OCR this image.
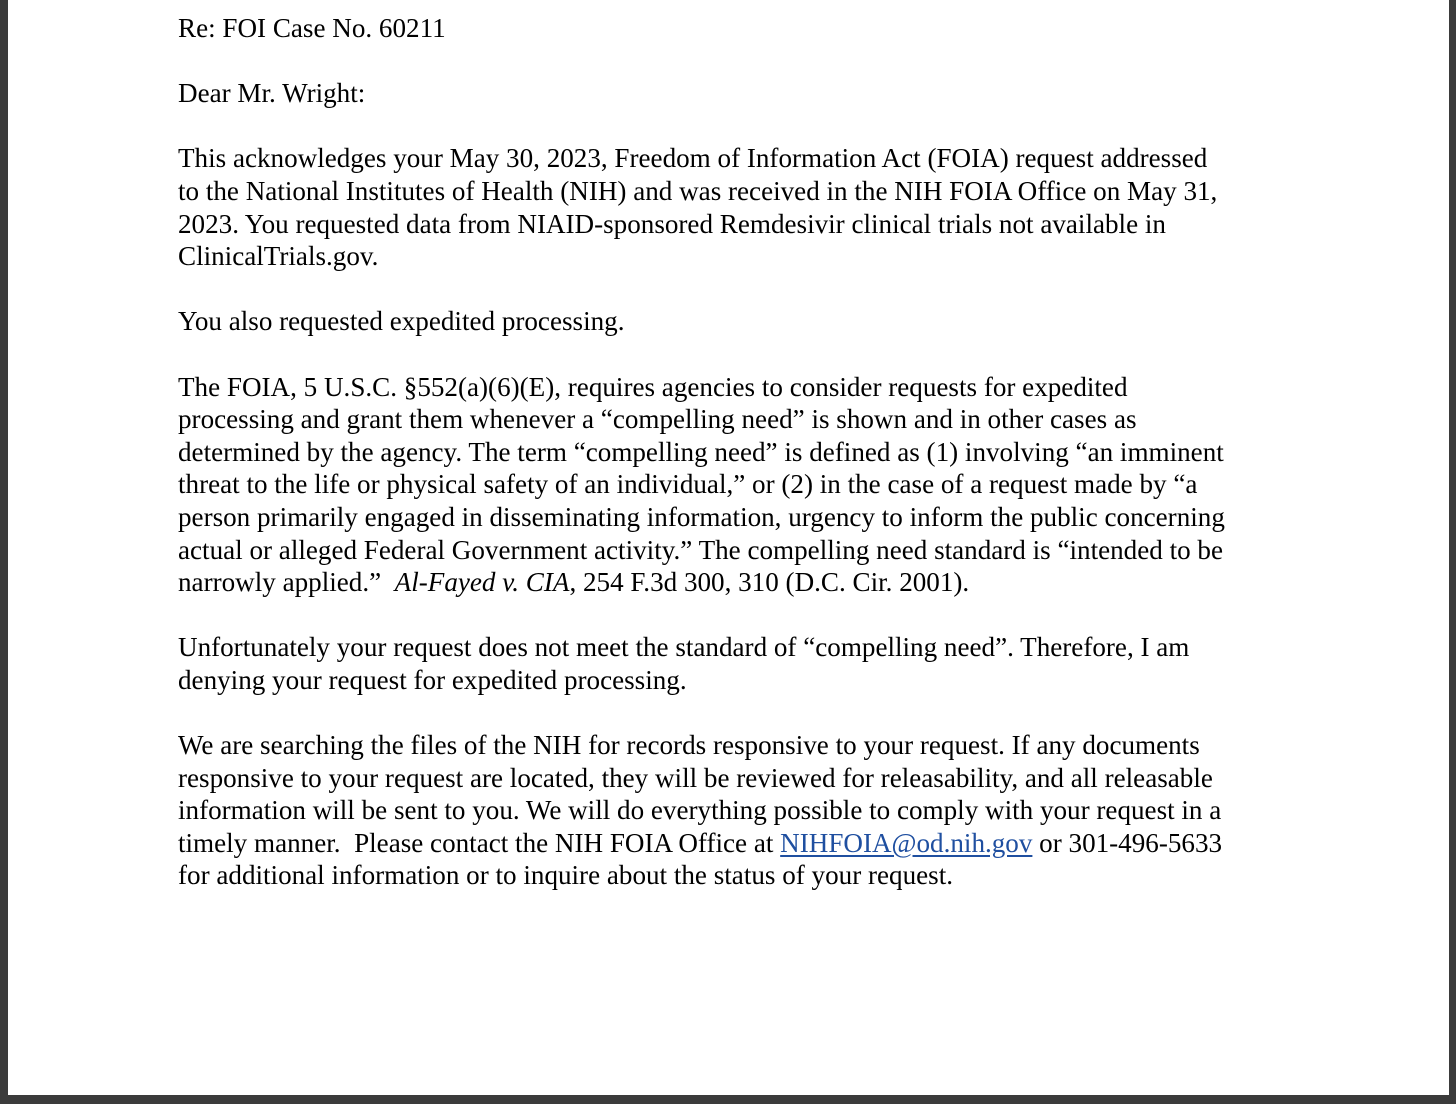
Re: FOI Case No. 60211

Dear Mr. Wright:

This acknowledges your May 30, 2023, Freedom of Information Act (FOIA) request addressed
to the National Institutes of Health (NIH) and was received in the NIH FOIA Office on May 31,
2023. You requested data from NIAID-sponsored Remdesivir clinical trials not available in
ClinicalTrials.gov.

You also requested expedited processing.

The FOIA, 5 U.S.C. §552(a)(6)(E), requires agencies to consider requests for expedited
processing and grant them whenever a “compelling need” is shown and in other cases as
determined by the agency. The term “compelling need” is defined as (1) involving “an imminent
threat to the life or physical safety of an individual,” or (2) in the case of a request made by “a
person primarily engaged in disseminating information, urgency to inform the public concerning
actual or alleged Federal Government activity.” The compelling need standard is “intended to be
narrowly applied.”  Al-Fayed v. CIA, 254 F.3d 300, 310 (D.C. Cir. 2001).

Unfortunately your request does not meet the standard of “compelling need”. Therefore, I am
denying your request for expedited processing.

We are searching the files of the NIH for records responsive to your request. If any documents
responsive to your request are located, they will be reviewed for releasability, and all releasable
information will be sent to you. We will do everything possible to comply with your request in a
timely manner.  Please contact the NIH FOIA Office at NIHFOIA@od.nih.gov or 301-496-5633
for additional information or to inquire about the status of your request.
